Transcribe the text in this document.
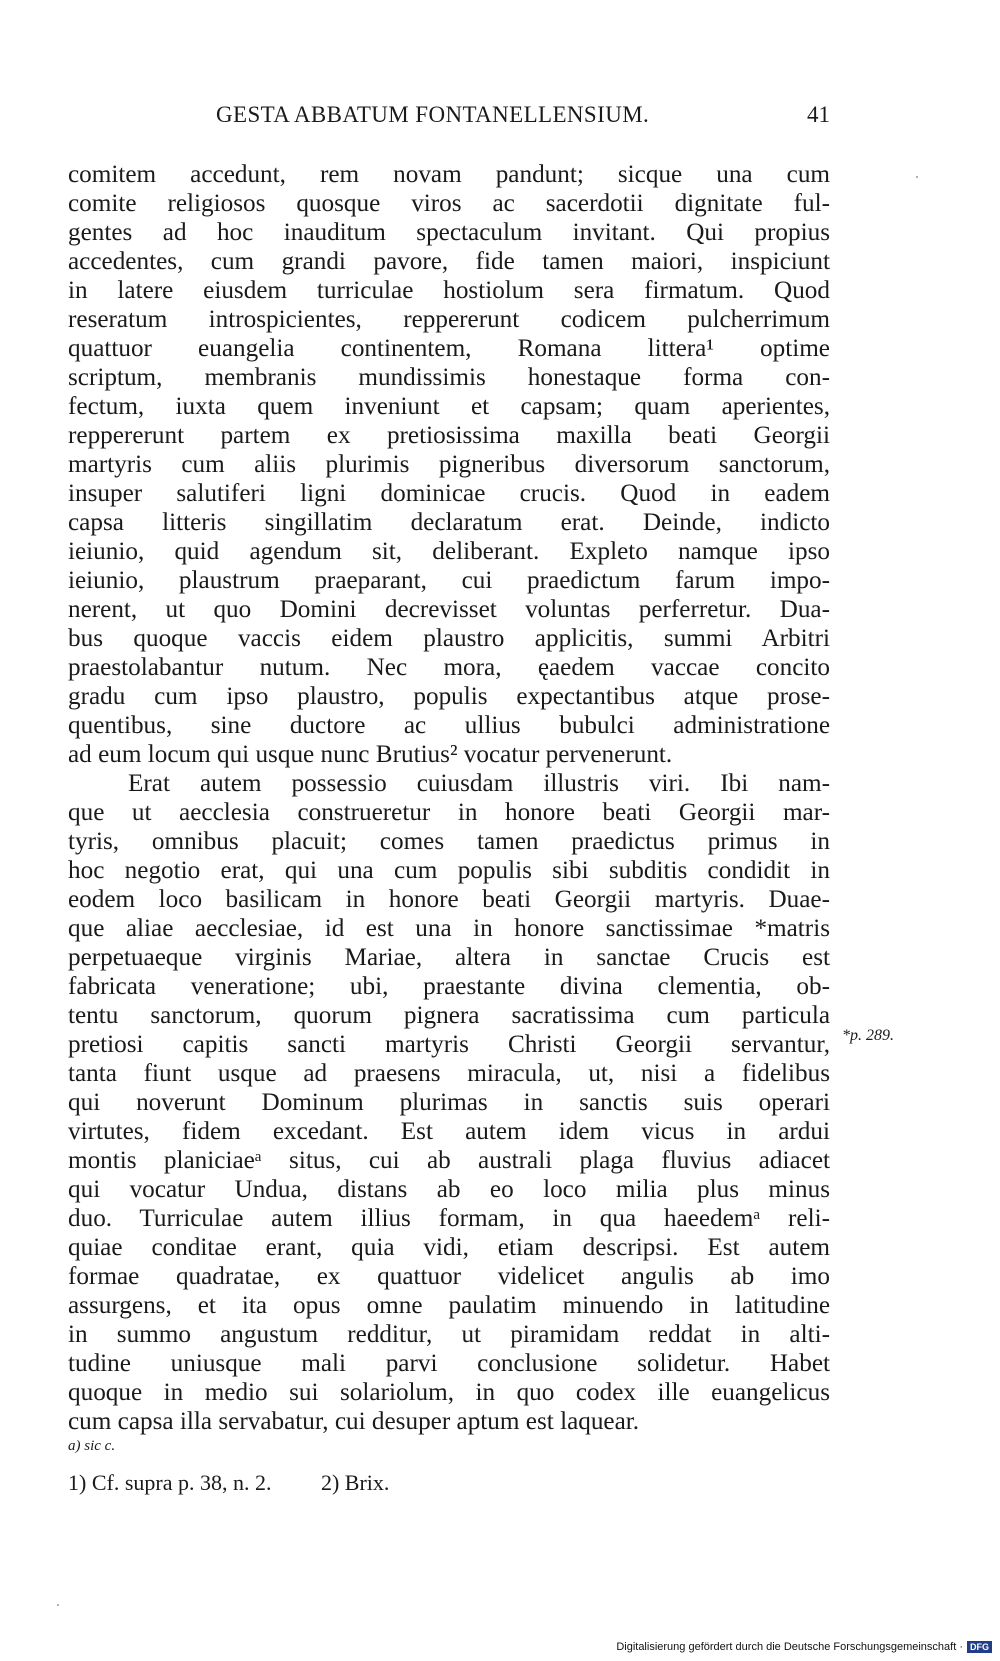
GESTA ABBATUM FONTANELLENSIUM.	41
comitem accedunt, rem novam pandunt; sicque una cum
comite religiosos quosque viros ac sacerdotii dignitate ful-
gentes ad hoc inauditum spectaculum invitant. Qui propius
accedentes, cum grandi pavore, fide tamen maiori, inspiciunt
in latere eiusdem turriculae hostiolum sera firmatum. Quod
reseratum introspicientes, reppererunt codicem pulcherrimum
quattuor euangelia continentem, Romana littera¹ optime
scriptum, membranis mundissimis honestaque forma con-
fectum, iuxta quem inveniunt et capsam; quam aperientes,
reppererunt partem ex pretiosissima maxilla beati Georgii
martyris cum aliis plurimis pigneribus diversorum sanctorum,
insuper salutiferi ligni dominicae crucis. Quod in eadem
capsa litteris singillatim declaratum erat. Deinde, indicto
ieiunio, quid agendum sit, deliberant. Expleto namque ipso
ieiunio, plaustrum praeparant, cui praedictum farum impo-
nerent, ut quo Domini decrevisset voluntas perferretur. Dua-
bus quoque vaccis eidem plaustro applicitis, summi Arbitri
praestolabantur nutum. Nec mora, ęaedem vaccae concito
gradu cum ipso plaustro, populis expectantibus atque prose-
quentibus, sine ductore ac ullius bubulci administratione
ad eum locum qui usque nunc Brutius² vocatur pervenerunt.
Erat autem possessio cuiusdam illustris viri. Ibi nam-
que ut aecclesia construeretur in honore beati Georgii mar-
tyris, omnibus placuit; comes tamen praedictus primus in
hoc negotio erat, qui una cum populis sibi subditis condidit in
eodem loco basilicam in honore beati Georgii martyris. Duae-
que aliae aecclesiae, id est una in honore sanctissimae *matris
perpetuaeque virginis Mariae, altera in sanctae Crucis est
fabricata veneratione; ubi, praestante divina clementia, ob-
tentu sanctorum, quorum pignera sacratissima cum particula
pretiosi capitis sancti martyris Christi Georgii servantur,
tanta fiunt usque ad praesens miracula, ut, nisi a fidelibus
qui noverunt Dominum plurimas in sanctis suis operari
virtutes, fidem excedant. Est autem idem vicus in ardui
montis planiciaeᵃ situs, cui ab australi plaga fluvius adiacet
qui vocatur Undua, distans ab eo loco milia plus minus
duo. Turriculae autem illius formam, in qua haeedemᵃ reli-
quiae conditae erant, quia vidi, etiam descripsi. Est autem
formae quadratae, ex quattuor videlicet angulis ab imo
assurgens, et ita opus omne paulatim minuendo in latitudine
in summo angustum redditur, ut piramidam reddat in alti-
tudine uniusque mali parvi conclusione solidetur. Habet
quoque in medio sui solariolum, in quo codex ille euangelicus
cum capsa illa servabatur, cui desuper aptum est laquear.
*p. 289.
a) sic c.
1) Cf. supra p. 38, n. 2. 2) Brix.
Digitalisierung gefördert durch die Deutsche Forschungsgemeinschaft · DFG
